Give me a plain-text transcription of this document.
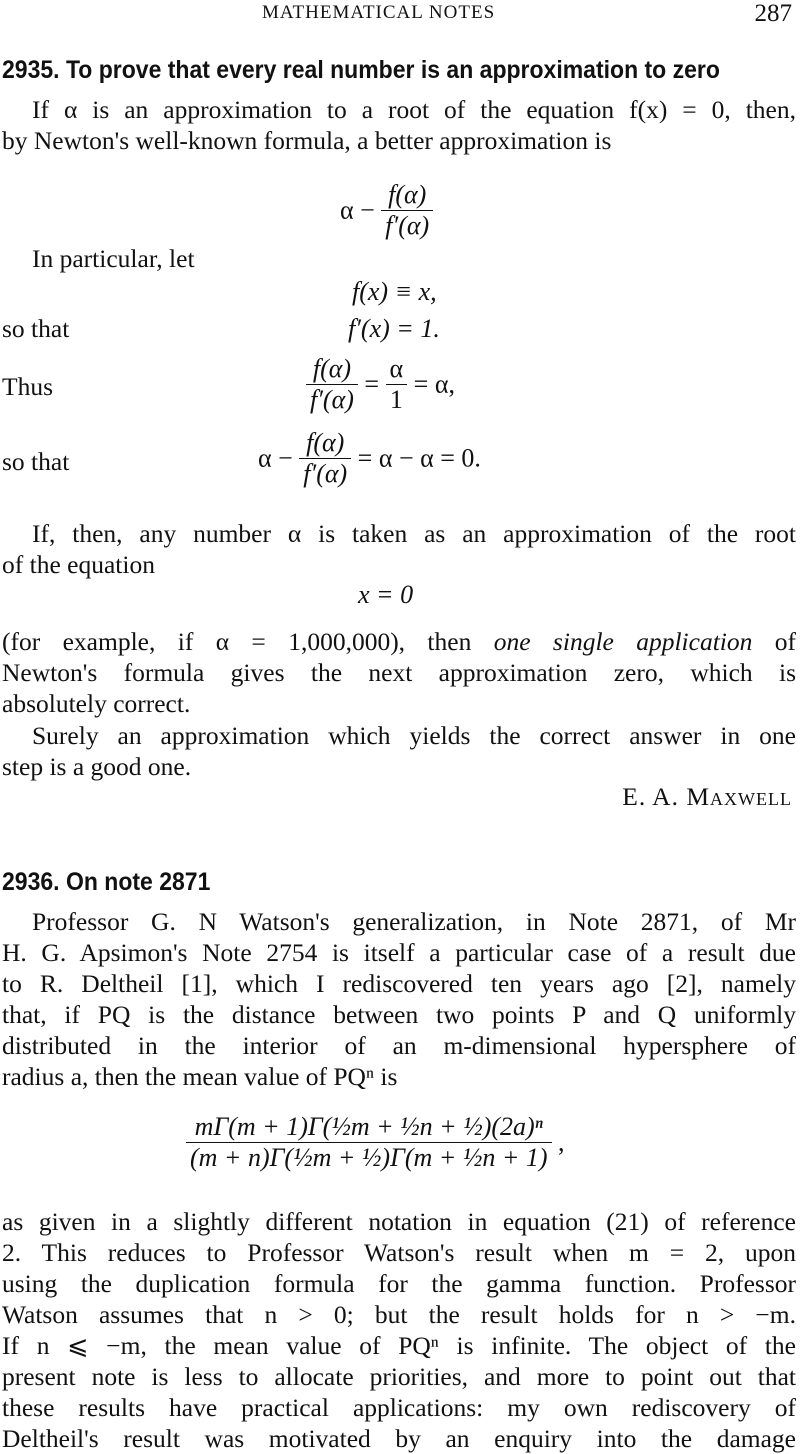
MATHEMATICAL NOTES	287
2935. To prove that every real number is an approximation to zero
If α is an approximation to a root of the equation f(x) = 0, then,
by Newton's well-known formula, a better approximation is
$\alpha - \frac{f(\alpha)}{f'(\alpha)}$
In particular, let
f(x) ≡ x,
so that	f′(x) = 1.
Thus	$\frac{f(\alpha)}{f'(\alpha)} = \frac{\alpha}{1} = \alpha$,
so that	$\alpha - \frac{f(\alpha)}{f'(\alpha)} = \alpha - \alpha = 0$.
If, then, any number α is taken as an approximation of the root
of the equation
x = 0
(for example, if α = 1,000,000), then one single application of
Newton's formula gives the next approximation zero, which is
absolutely correct.
Surely an approximation which yields the correct answer in one
step is a good one.
E. A. Maxwell
2936. On note 2871
Professor G. N Watson's generalization, in Note 2871, of Mr
H. G. Apsimon's Note 2754 is itself a particular case of a result due
to R. Deltheil [1], which I rediscovered ten years ago [2], namely
that, if PQ is the distance between two points P and Q uniformly
distributed in the interior of an m-dimensional hypersphere of
radius a, then the mean value of PQⁿ is
$\frac{\text{mΓ(m + 1)Γ(½m + ½n + ½)(2a)ⁿ}}{\text{(m + n)Γ(½m + ½)Γ(m + ½n + 1)}}$ ,
as given in a slightly different notation in equation (21) of reference
2. This reduces to Professor Watson's result when m = 2, upon
using the duplication formula for the gamma function. Professor
Watson assumes that n > 0; but the result holds for n > −m.
If n ⩽ −m, the mean value of PQⁿ is infinite. The object of the
present note is less to allocate priorities, and more to point out that
these results have practical applications: my own rediscovery of
Deltheil's result was motivated by an enquiry into the damage
